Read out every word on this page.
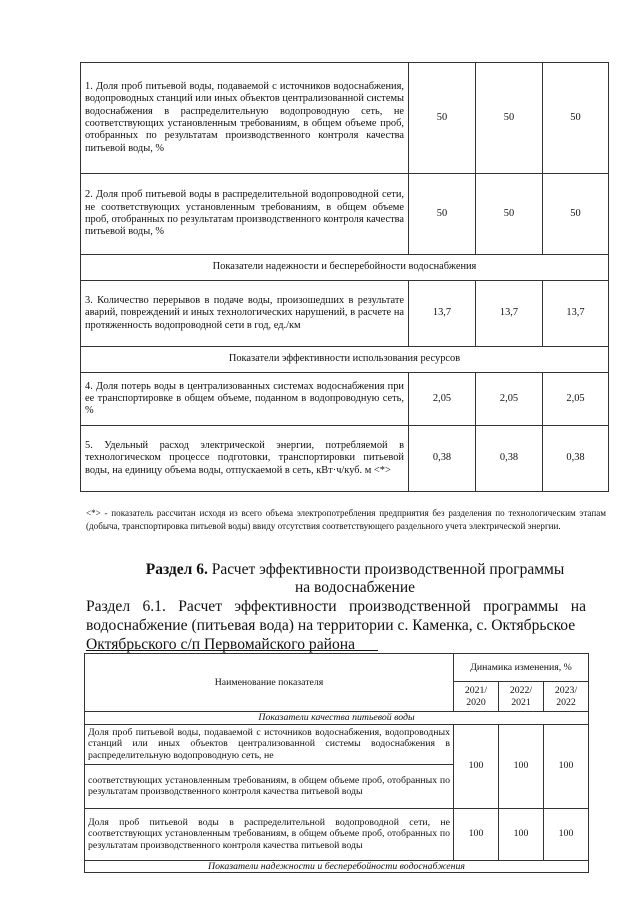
1. Доля проб питьевой воды, подаваемой с источников водоснабжения, водопроводных станций или иных объектов централизованной системы водоснабжения в распределительную водопроводную сеть, не соответствующих установленным требованиям, в общем объеме проб, отобранных по результатам производственного контроля качества питьевой воды, %	50	50	50
2. Доля проб питьевой воды в распределительной водопроводной сети, не соответствующих установленным требованиям, в общем объеме проб, отобранных по результатам производственного контроля качества питьевой воды, %	50	50	50
Показатели надежности и бесперебойности водоснабжения			
3. Количество перерывов в подаче воды, произошедших в результате аварий, повреждений и иных технологических нарушений, в расчете на протяженность водопроводной сети в год, ед./км	13,7	13,7	13,7
Показатели эффективности использования ресурсов			
4. Доля потерь воды в централизованных системах водоснабжения при ее транспортировке в общем объеме, поданном в водопроводную сеть, %	2,05	2,05	2,05
5. Удельный расход электрической энергии, потребляемой в технологическом процессе подготовки, транспортировки питьевой воды, на единицу объема воды, отпускаемой в сеть, кВт·ч/куб. м <*>	0,38	0,38	0,38
<*> - показатель рассчитан исходя из всего объема электропотребления предприятия без разделения по технологическим этапам (добыча, транспортировка питьевой воды) ввиду отсутствия соответствующего раздельного учета электрической энергии.
Раздел 6. Расчет эффективности производственной программы
на водоснабжение
Раздел 6.1. Расчет эффективности производственной программы на водоснабжение (питьевая вода) на территории с. Каменка, с. Октябрьское
Октябрьского с/п Первомайского района
Наименование показателя	Динамика изменения, %		
	2021/ 2020	2022/ 2021	2023/ 2022
Показатели качества питьевой воды			
Доля проб питьевой воды, подаваемой с источников водоснабжения, водопроводных станций или иных объектов централизованной системы водоснабжения в распределительную водопроводную сеть, не	100	100	100
соответствующих установленным требованиям, в общем объеме проб, отобранных по результатам производственного контроля качества питьевой воды			
Доля проб питьевой воды в распределительной водопроводной сети, не соответствующих установленным требованиям, в общем объеме проб, отобранных по результатам производственного контроля качества питьевой воды	100	100	100
Показатели надежности и бесперебойности водоснабжения			
